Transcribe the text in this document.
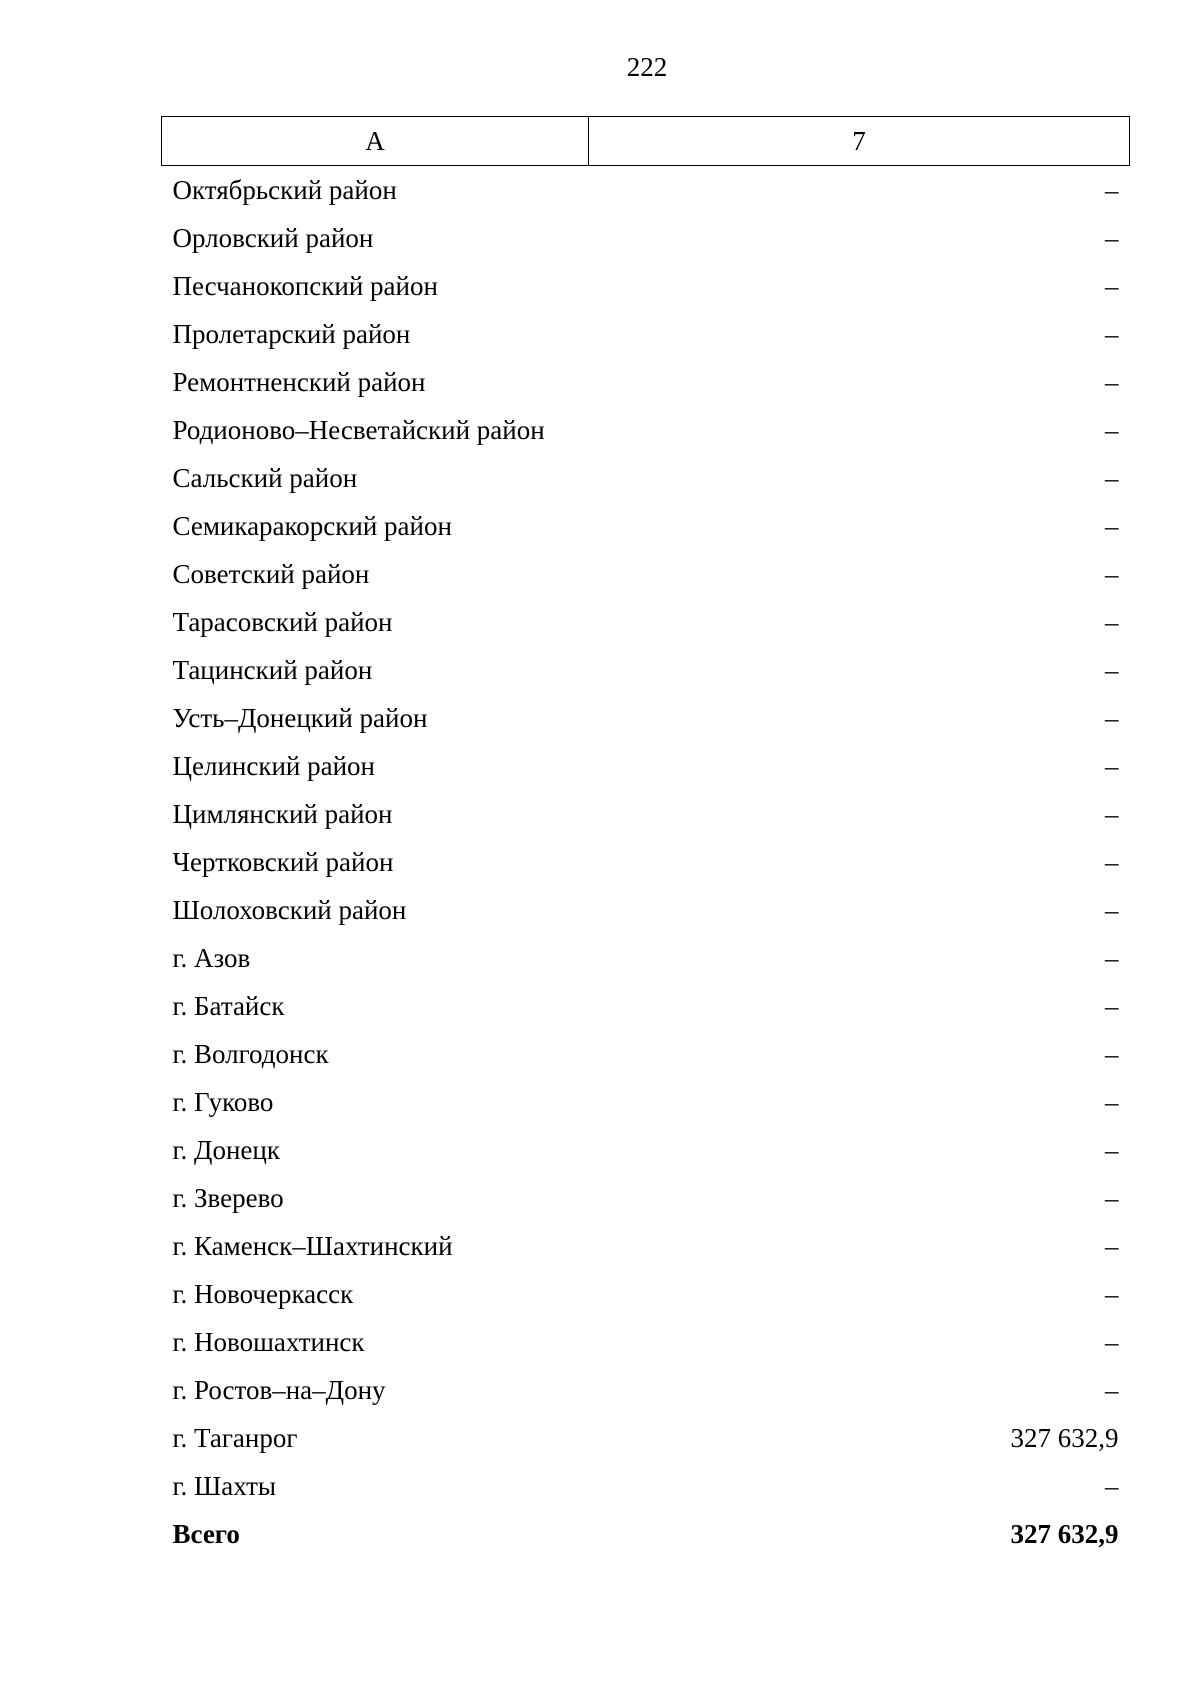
222
А	7
Октябрьский район	–
Орловский район	–
Песчанокопский район	–
Пролетарский район	–
Ремонтненский район	–
Родионово–Несветайский район	–
Сальский район	–
Семикаракорский район	–
Советский район	–
Тарасовский район	–
Тацинский район	–
Усть–Донецкий район	–
Целинский район	–
Цимлянский район	–
Чертковский район	–
Шолоховский район	–
г. Азов	–
г. Батайск	–
г. Волгодонск	–
г. Гуково	–
г. Донецк	–
г. Зверево	–
г. Каменск–Шахтинский	–
г. Новочеркасск	–
г. Новошахтинск	–
г. Ростов–на–Дону	–
г. Таганрог	327 632,9
г. Шахты	–
Всего	327 632,9
